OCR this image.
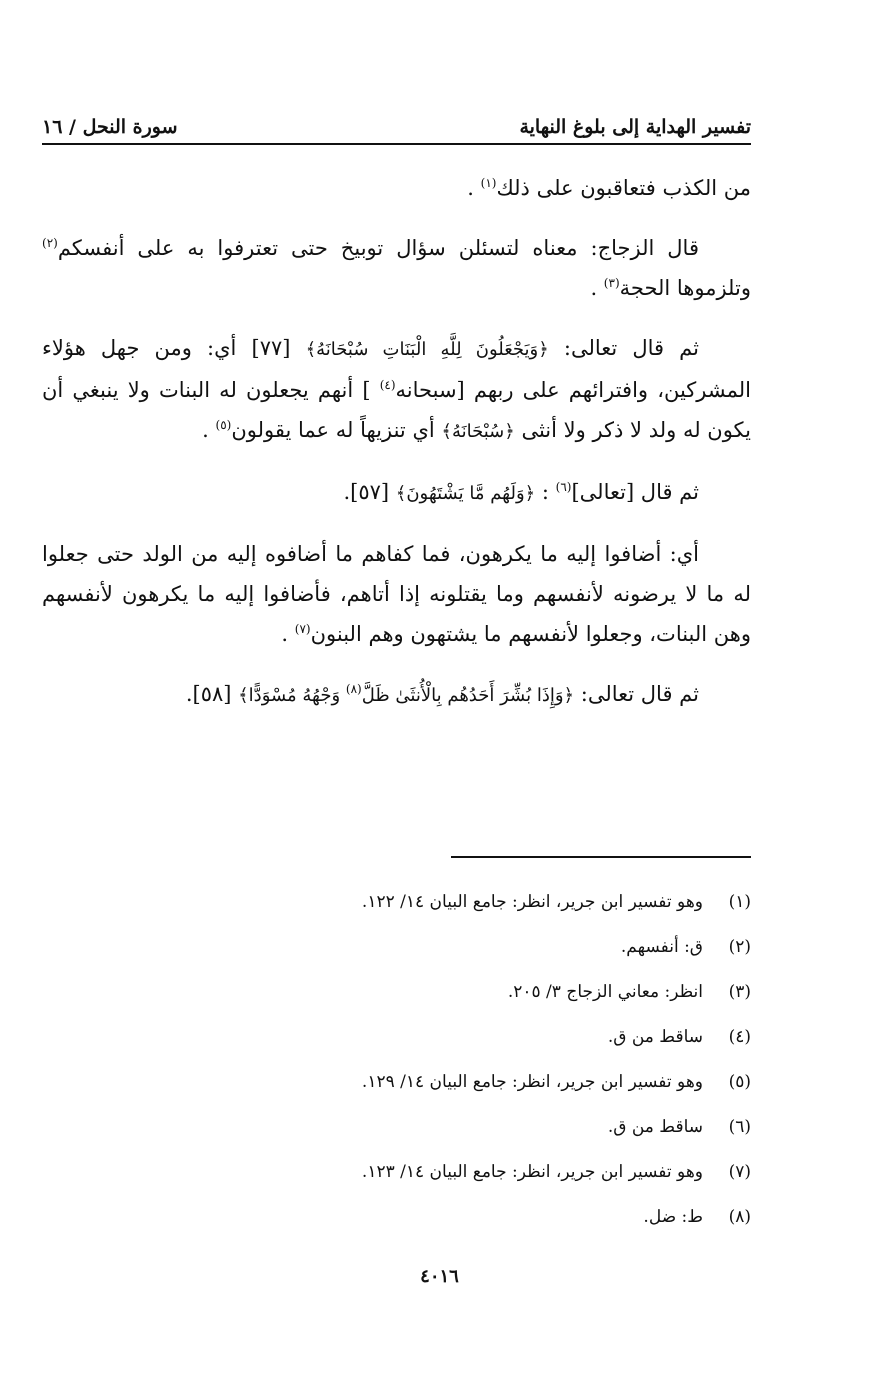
تفسير الهداية إلى بلوغ النهاية
سورة النحل / ١٦

من الكذب فتعاقبون على ذلك$^{(١)}$ .

قال الزجاج: معناه لتسئلن سؤال توبيخ حتى تعترفوا به على أنفسكم$^{(٢)}$ وتلزموها الحجة$^{(٣)}$ .

ثم قال تعالى: ﴿وَيَجْعَلُونَ لِلَّهِ الْبَنَاتِ سُبْحَانَهُ﴾ [٧٧] أي: ومن جهل هؤلاء المشركين، وافترائهم على ربهم [سبحانه$^{(٤)}$ ] أنهم يجعلون له البنات ولا ينبغي أن يكون له ولد لا ذكر ولا أنثى ﴿سُبْحَانَهُ﴾ أي تنزيهاً له عما يقولون$^{(٥)}$ .

ثم قال [تعالى]$^{(٦)}$ : ﴿وَلَهُم مَّا يَشْتَهُونَ﴾ [٥٧].

أي: أضافوا إليه ما يكرهون، فما كفاهم ما أضافوه إليه من الولد حتى جعلوا له ما لا يرضونه لأنفسهم وما يقتلونه إذا أتاهم، فأضافوا إليه ما يكرهون لأنفسهم وهن البنات، وجعلوا لأنفسهم ما يشتهون وهم البنون$^{(٧)}$ .

ثم قال تعالى: ﴿وَإِذَا بُشِّرَ أَحَدُهُم بِالْأُنثَىٰ ظَلَّ$^{(٨)}$ وَجْهُهُ مُسْوَدًّا﴾ [٥٨].

(١)
وهو تفسير ابن جرير، انظر: جامع البيان ١٤/ ١٢٢.
(٢)
ق: أنفسهم.
(٣)
انظر: معاني الزجاج ٣/ ٢٠٥.
(٤)
ساقط من ق.
(٥)
وهو تفسير ابن جرير، انظر: جامع البيان ١٤/ ١٢٩.
(٦)
ساقط من ق.
(٧)
وهو تفسير ابن جرير، انظر: جامع البيان ١٤/ ١٢٣.
(٨)
ط: ضل.
٤٠١٦
